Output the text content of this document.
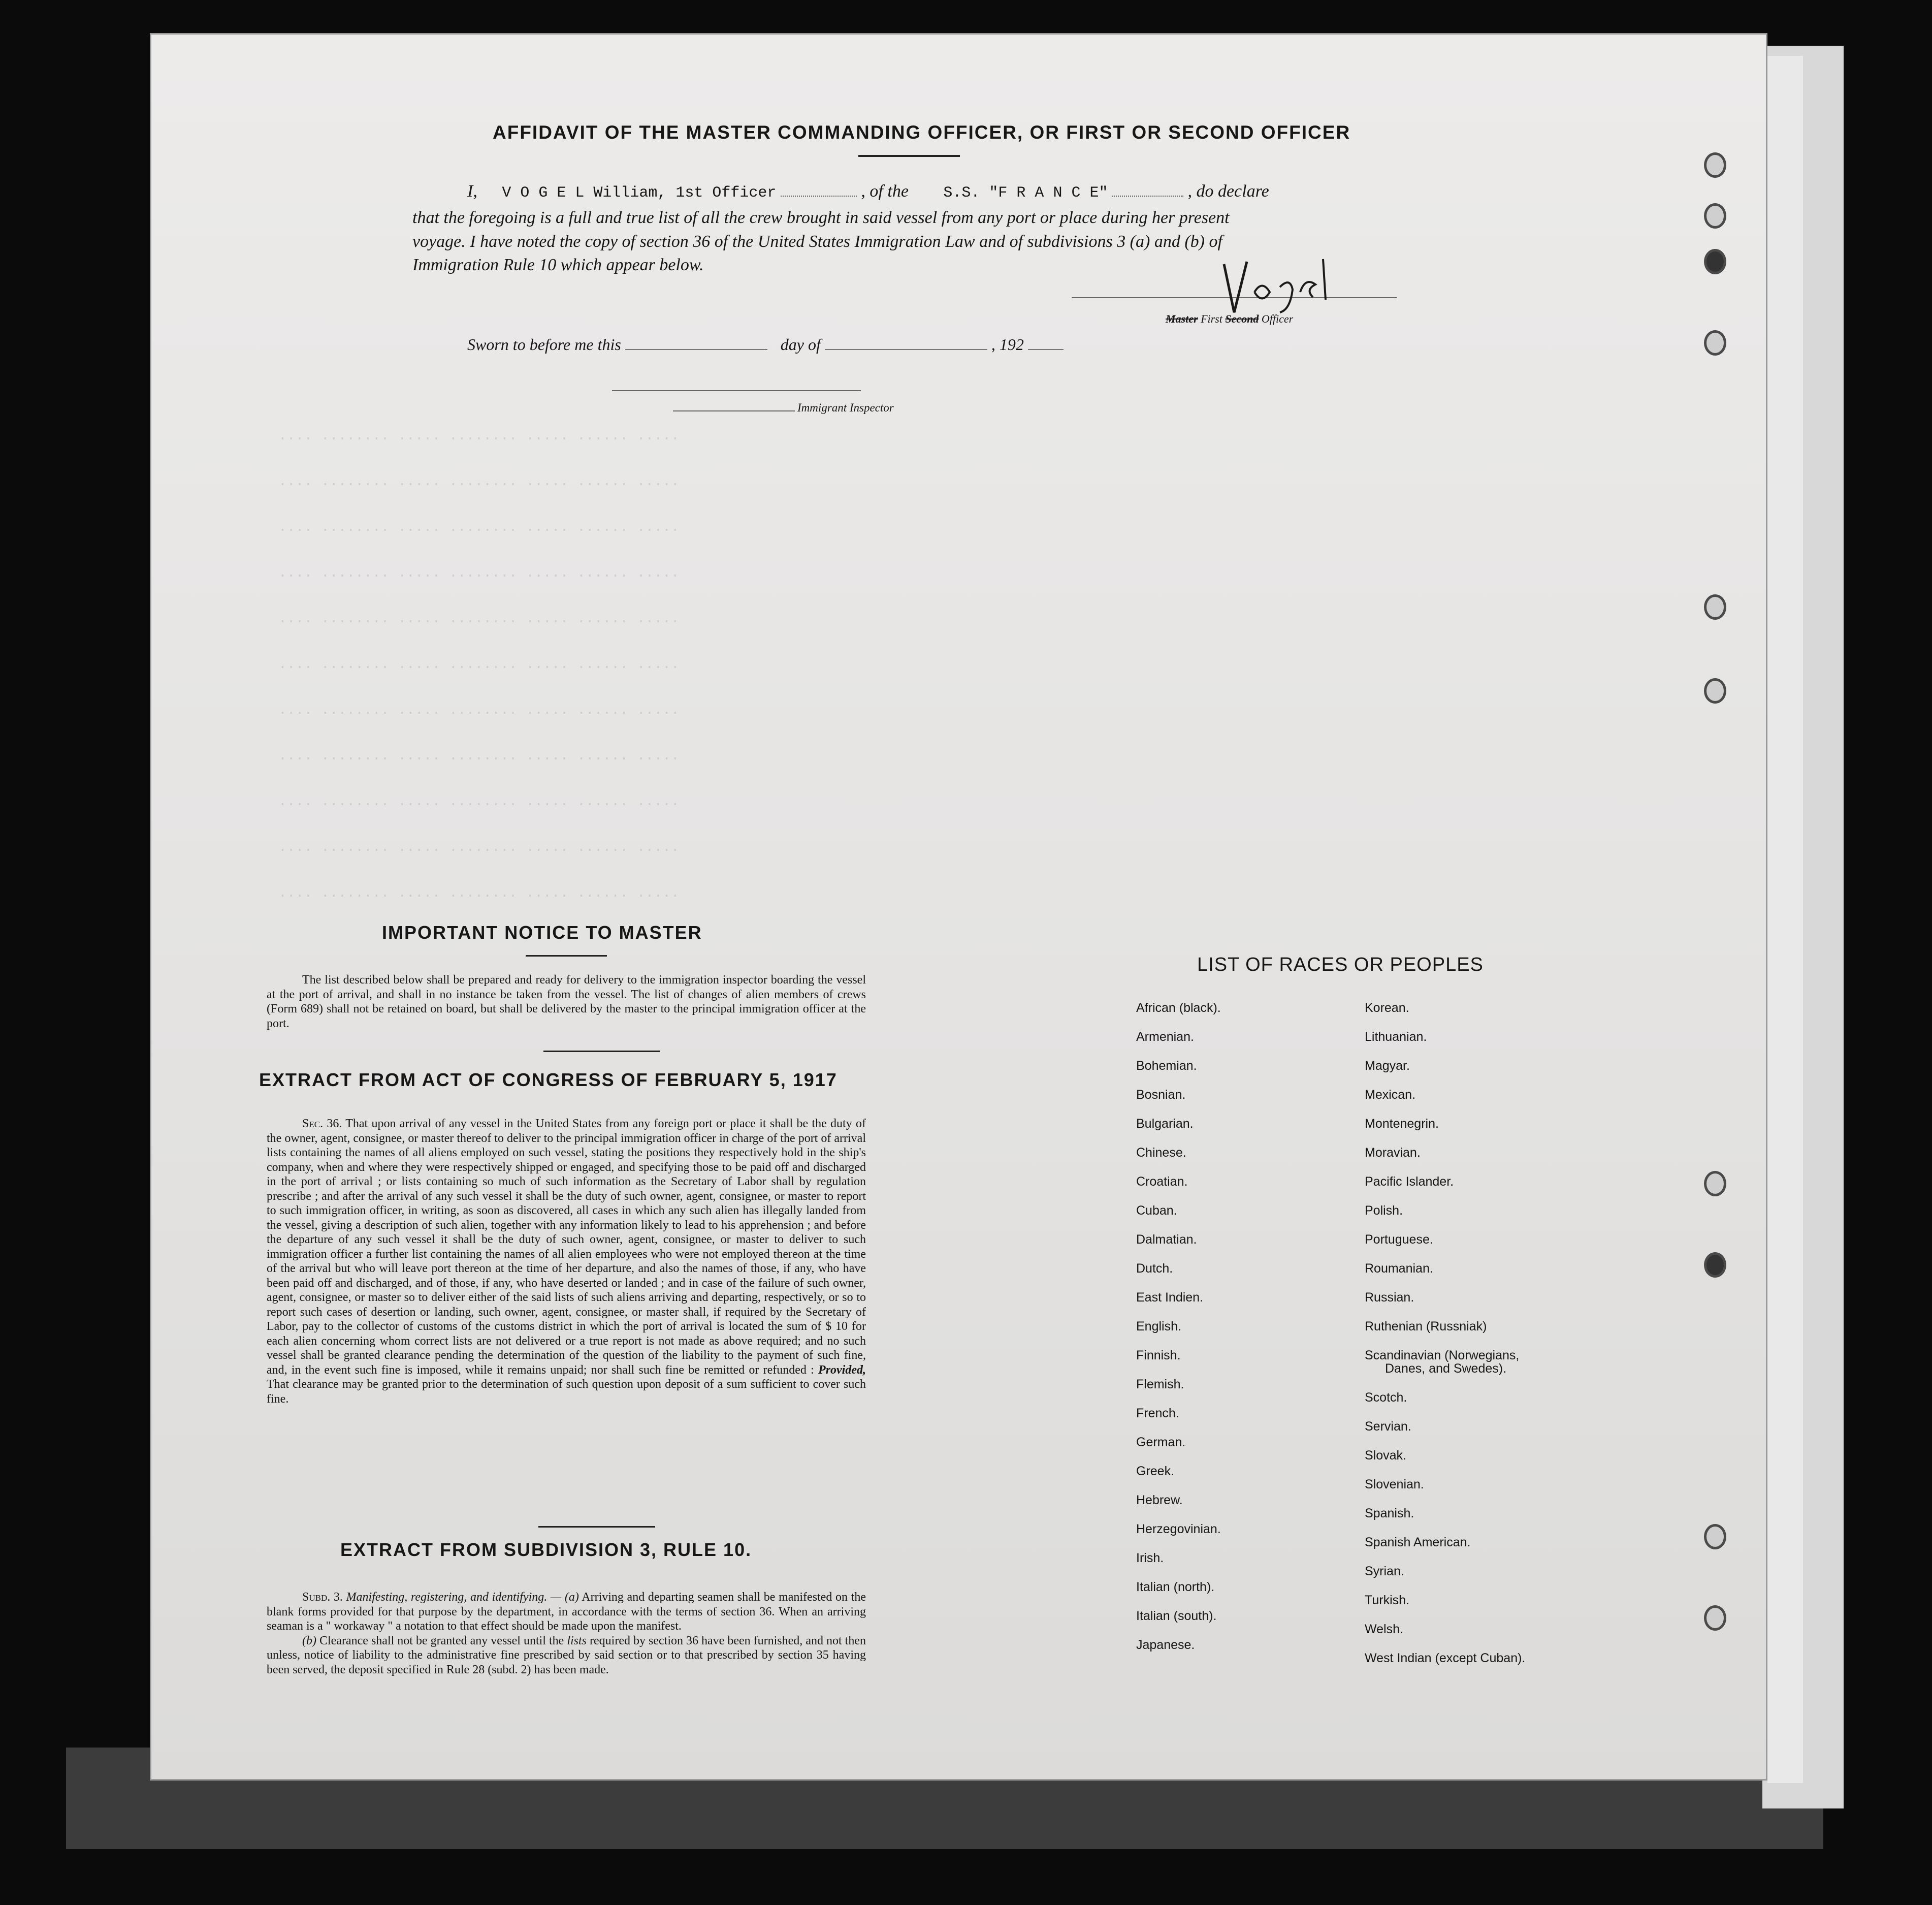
.... ........ ..... ........ ..... ...... .....
.... ........ ..... ........ ..... ...... .....
.... ........ ..... ........ ..... ...... .....
.... ........ ..... ........ ..... ...... .....
.... ........ ..... ........ ..... ...... .....
.... ........ ..... ........ ..... ...... .....
.... ........ ..... ........ ..... ...... .....
.... ........ ..... ........ ..... ...... .....
.... ........ ..... ........ ..... ...... .....
.... ........ ..... ........ ..... ...... .....
.... ........ ..... ........ ..... ...... .....
AFFIDAVIT OF THE MASTER COMMANDING OFFICER, OR FIRST OR SECOND OFFICER
I, V O G E L William, 1st Officer	, of the S.S. "F R A N C E"	, do declare
that the foregoing is a full and true list of all the crew brought in said vessel from any port or place during her present
voyage. I have noted the copy of section 36 of the United States Immigration Law and of subdivisions 3 (a) and (b) of
Immigration Rule 10 which appear below.
Master First Second Officer
Sworn to before me this	day of	, 192
Immigrant Inspector
IMPORTANT NOTICE TO MASTER

The list described below shall be prepared and ready for delivery to the immigration inspector boarding the vessel at the port of arrival, and shall in no instance be taken from the vessel. The list of changes of alien members of crews (Form 689) shall not be retained on board, but shall be delivered by the master to the principal immigration officer at the port.

EXTRACT FROM ACT OF CONGRESS OF FEBRUARY 5, 1917

Sec. 36. That upon arrival of any vessel in the United States from any foreign port or place it shall be the duty of the owner, agent, consignee, or master thereof to deliver to the principal immigration officer in charge of the port of arrival lists containing the names of all aliens employed on such vessel, stating the positions they respectively hold in the ship's company, when and where they were respectively shipped or engaged, and specifying those to be paid off and discharged in the port of arrival ; or lists containing so much of such information as the Secretary of Labor shall by regulation prescribe ; and after the arrival of any such vessel it shall be the duty of such owner, agent, consignee, or master to report to such immigration officer, in writing, as soon as discovered, all cases in which any such alien has illegally landed from the vessel, giving a description of such alien, together with any information likely to lead to his apprehension ; and before the departure of any such vessel it shall be the duty of such owner, agent, consignee, or master to deliver to such immigration officer a further list containing the names of all alien employees who were not employed thereon at the time of the arrival but who will leave port thereon at the time of her departure, and also the names of those, if any, who have been paid off and discharged, and of those, if any, who have deserted or landed ; and in case of the failure of such owner, agent, consignee, or master so to deliver either of the said lists of such aliens arriving and departing, respectively, or so to report such cases of desertion or landing, such owner, agent, consignee, or master shall, if required by the Secretary of Labor, pay to the collector of customs of the customs district in which the port of arrival is located the sum of $ 10 for each alien concerning whom correct lists are not delivered or a true report is not made as above required; and no such vessel shall be granted clearance pending the determination of the question of the liability to the payment of such fine, and, in the event such fine is imposed, while it remains unpaid; nor shall such fine be remitted or refunded : Provided, That clearance may be granted prior to the determination of such question upon deposit of a sum sufficient to cover such fine.

EXTRACT FROM SUBDIVISION 3, RULE 10.

Subd. 3. Manifesting, registering, and identifying. — (a) Arriving and departing seamen shall be manifested on the blank forms provided for that purpose by the department, in accordance with the terms of section 36. When an arriving seaman is a " workaway " a notation to that effect should be made upon the manifest.

(b) Clearance shall not be granted any vessel until the lists required by section 36 have been furnished, and not then unless, notice of liability to the administrative fine prescribed by said section or to that prescribed by section 35 having been served, the deposit specified in Rule 28 (subd. 2) has been made.

LIST OF RACES OR PEOPLES
African (black).
Armenian.
Bohemian.
Bosnian.
Bulgarian.
Chinese.
Croatian.
Cuban.
Dalmatian.
Dutch.
East Indien.
English.
Finnish.
Flemish.
French.
German.
Greek.
Hebrew.
Herzegovinian.
Irish.
Italian (north).
Italian (south).
Japanese.
Korean.
Lithuanian.
Magyar.
Mexican.
Montenegrin.
Moravian.
Pacific Islander.
Polish.
Portuguese.
Roumanian.
Russian.
Ruthenian (Russniak)
Scandinavian (Norwegians,
Danes, and Swedes).
Scotch.
Servian.
Slovak.
Slovenian.
Spanish.
Spanish American.
Syrian.
Turkish.
Welsh.
West Indian (except Cuban).
